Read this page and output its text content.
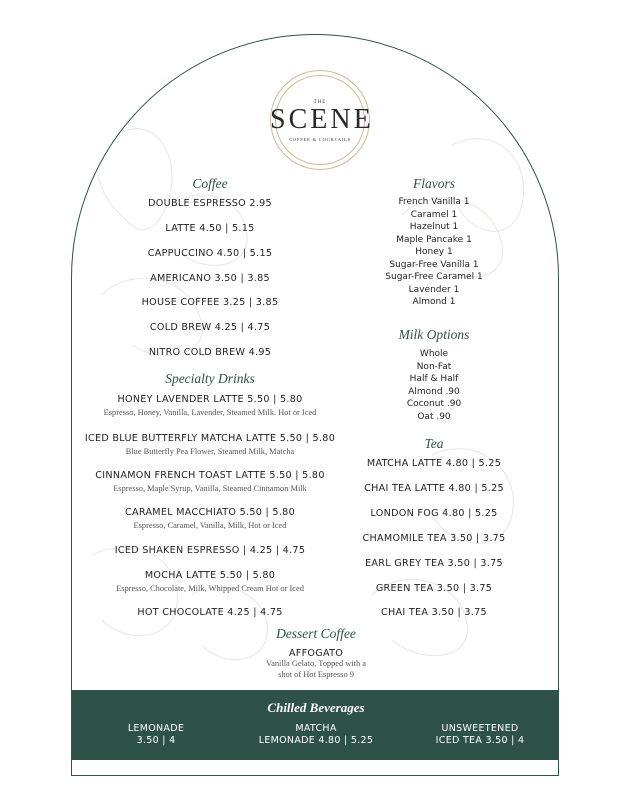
THE
SCENE
COFFEE & COCKTAILS
Coffee
DOUBLE ESPRESSO 2.95
LATTE 4.50 | 5.15
CAPPUCCINO 4.50 | 5.15
AMERICANO 3.50 | 3.85
HOUSE COFFEE 3.25 | 3.85
COLD BREW 4.25 | 4.75
NITRO COLD BREW 4.95
Specialty Drinks
HONEY LAVENDER LATTE 5.50 | 5.80
Espresso, Honey, Vanilla, Lavender, Steamed Milk. Hot or Iced
ICED BLUE BUTTERFLY MATCHA LATTE 5.50 | 5.80
Blue Butterfly Pea Flower, Steamed Milk, Matcha
CINNAMON FRENCH TOAST LATTE 5.50 | 5.80
Espresso, Maple Syrup, Vanilla, Steamed Cinnamon Milk
CARAMEL MACCHIATO 5.50 | 5.80
Espresso, Caramel, Vanilla, Milk, Hot or Iced
ICED SHAKEN ESPRESSO | 4.25 | 4.75
MOCHA LATTE 5.50 | 5.80
Espresso, Chocolate, Milk, Whipped Cream Hot or Iced
HOT CHOCOLATE 4.25 | 4.75
Flavors
French Vanilla 1
Caramel 1
Hazelnut 1
Maple Pancake 1
Honey 1
Sugar-Free Vanilla 1
Sugar-Free Caramel 1
Lavender 1
Almond 1
Milk Options
Whole
Non-Fat
Half & Half
Almond .90
Coconut .90
Oat .90
Tea
MATCHA LATTE 4.80 | 5.25
CHAI TEA LATTE 4.80 | 5.25
LONDON FOG 4.80 | 5.25
CHAMOMILE TEA 3.50 | 3.75
EARL GREY TEA 3.50 | 3.75
GREEN TEA 3.50 | 3.75
CHAI TEA 3.50 | 3.75
Dessert Coffee
AFFOGATO
Vanilla Gelato, Topped with a
shot of Hot Espresso 9
Chilled Beverages
LEMONADE
3.50 | 4
MATCHA
LEMONADE 4.80 | 5.25
UNSWEETENED
ICED TEA 3.50 | 4
